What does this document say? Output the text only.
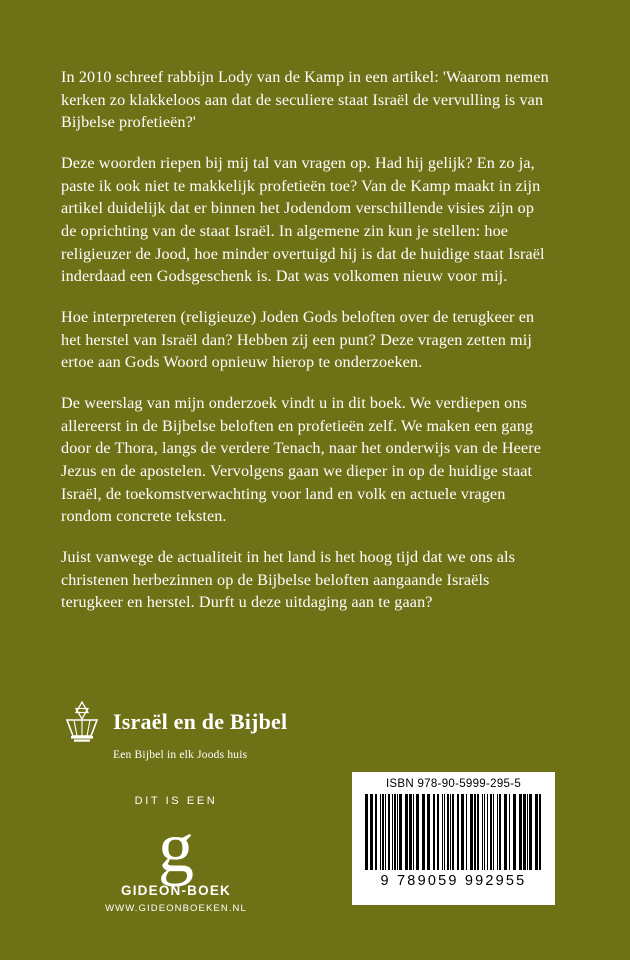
In 2010 schreef rabbijn Lody van de Kamp in een artikel: 'Waarom nemen kerken zo klakkeloos aan dat de seculiere staat Israël de vervulling is van Bijbelse profetieën?'

Deze woorden riepen bij mij tal van vragen op. Had hij gelijk? En zo ja, paste ik ook niet te makkelijk profetieën toe? Van de Kamp maakt in zijn artikel duidelijk dat er binnen het Jodendom verschillende visies zijn op de oprichting van de staat Israël. In algemene zin kun je stellen: hoe religieuzer de Jood, hoe minder overtuigd hij is dat de huidige staat Israël inderdaad een Godsgeschenk is. Dat was volkomen nieuw voor mij.

Hoe interpreteren (religieuze) Joden Gods beloften over de terugkeer en het herstel van Israël dan? Hebben zij een punt? Deze vragen zetten mij ertoe aan Gods Woord opnieuw hierop te onderzoeken.

De weerslag van mijn onderzoek vindt u in dit boek. We verdiepen ons allereerst in de Bijbelse beloften en profetieën zelf. We maken een gang door de Thora, langs de verdere Tenach, naar het onderwijs van de Heere Jezus en de apostelen. Vervolgens gaan we dieper in op de huidige staat Israël, de toekomstverwachting voor land en volk en actuele vragen rondom concrete teksten.

Juist vanwege de actualiteit in het land is het hoog tijd dat we ons als christenen herbezinnen op de Bijbelse beloften aangaande Israëls terugkeer en herstel. Durft u deze uitdaging aan te gaan?

Israël en de Bijbel
Een Bijbel in elk Joods huis
DIT IS EEN
g
GIDEON-BOEK
WWW.GIDEONBOEKEN.NL
ISBN 978-90-5999-295-5
9 789059 992955
